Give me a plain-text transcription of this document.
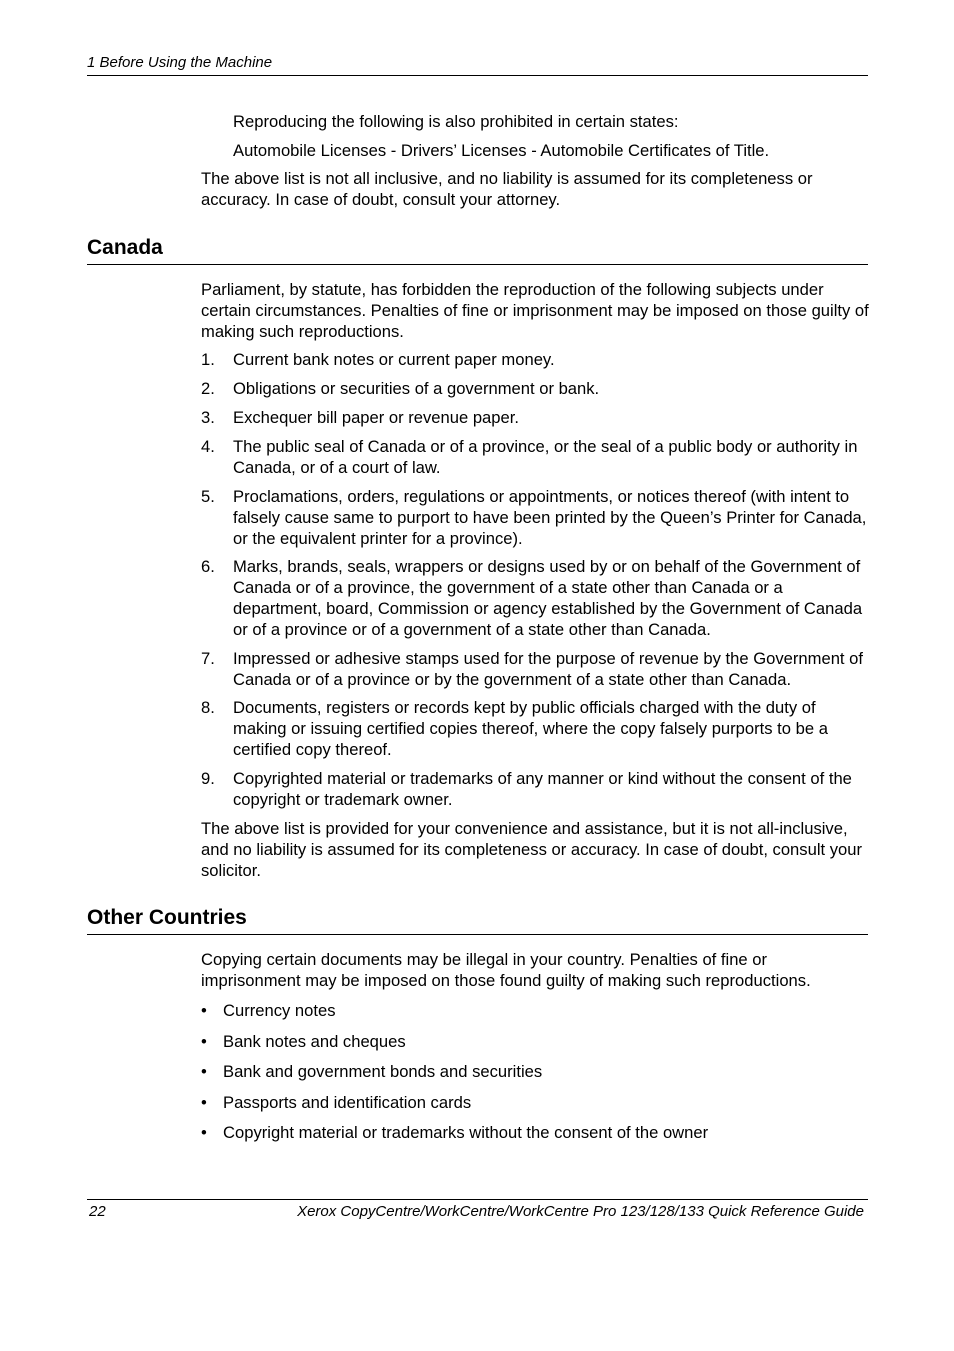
1 Before Using the Machine

Reproducing the following is also prohibited in certain states:

Automobile Licenses - Drivers’ Licenses - Automobile Certificates of Title.

The above list is not all inclusive, and no liability is assumed for its completeness or accuracy. In case of doubt, consult your attorney.

Canada

Parliament, by statute, has forbidden the reproduction of the following subjects under certain circumstances. Penalties of fine or imprisonment may be imposed on those guilty of making such reproductions.

1.	Current bank notes or current paper money.
2.	Obligations or securities of a government or bank.
3.	Exchequer bill paper or revenue paper.
4.	The public seal of Canada or of a province, or the seal of a public body or authority in Canada, or of a court of law.
5.	Proclamations, orders, regulations or appointments, or notices thereof (with intent to falsely cause same to purport to have been printed by the Queen’s Printer for Canada, or the equivalent printer for a province).
6.	Marks, brands, seals, wrappers or designs used by or on behalf of the Government of Canada or of a province, the government of a state other than Canada or a department, board, Commission or agency established by the Government of Canada or of a province or of a government of a state other than Canada.
7.	Impressed or adhesive stamps used for the purpose of revenue by the Government of Canada or of a province or by the government of a state other than Canada.
8.	Documents, registers or records kept by public officials charged with the duty of making or issuing certified copies thereof, where the copy falsely purports to be a certified copy thereof.
9.	Copyrighted material or trademarks of any manner or kind without the consent of the copyright or trademark owner.

The above list is provided for your convenience and assistance, but it is not all-inclusive, and no liability is assumed for its completeness or accuracy. In case of doubt, consult your solicitor.

Other Countries

Copying certain documents may be illegal in your country. Penalties of fine or imprisonment may be imposed on those found guilty of making such reproductions.

• Currency notes
• Bank notes and cheques
• Bank and government bonds and securities
• Passports and identification cards
• Copyright material or trademarks without the consent of the owner
22	Xerox CopyCentre/WorkCentre/WorkCentre Pro 123/128/133 Quick Reference Guide
